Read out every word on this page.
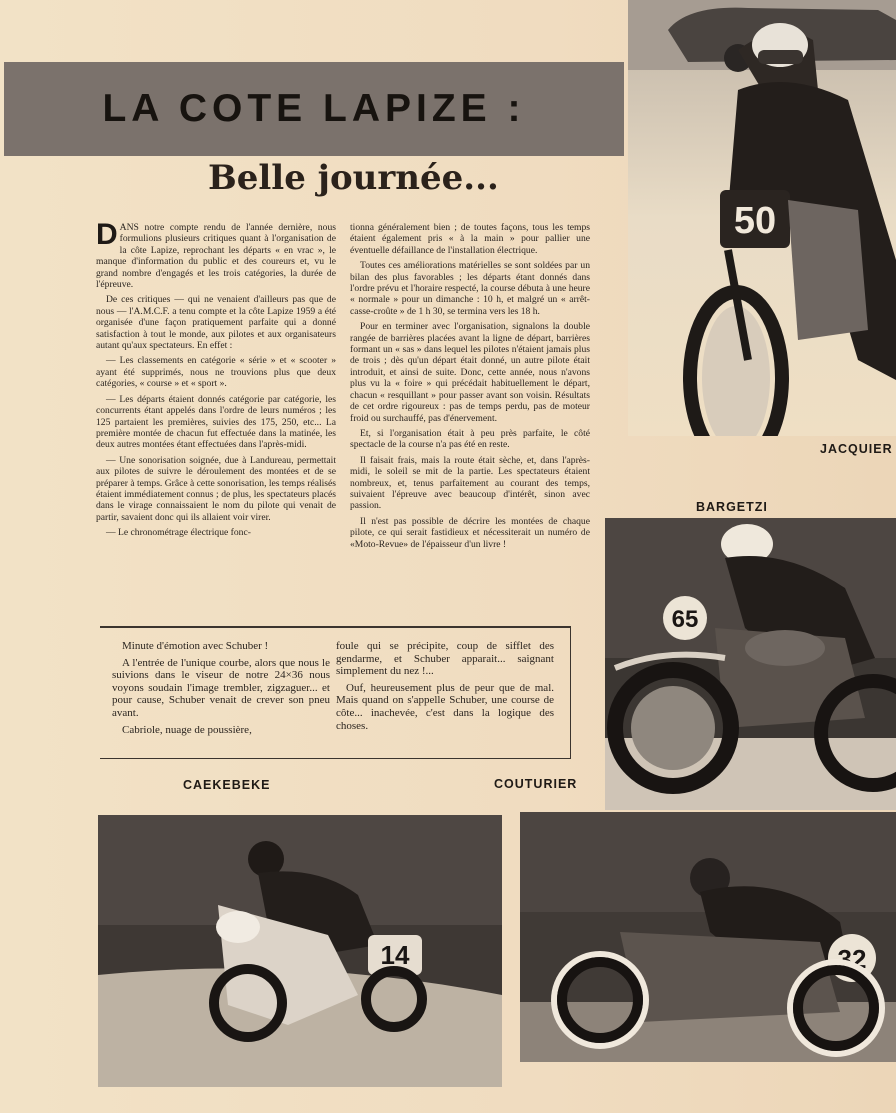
LA COTE LAPIZE :
Belle journée...

DANS notre compte rendu de l'année dernière, nous formulions plusieurs critiques quant à l'organisation de la côte Lapize, reprochant les départs « en vrac », le manque d'information du public et des coureurs et, vu le grand nombre d'engagés et les trois catégories, la durée de l'épreuve.

De ces critiques — qui ne venaient d'ailleurs pas que de nous — l'A.M.C.F. a tenu compte et la côte Lapize 1959 a été organisée d'une façon pratiquement parfaite qui a donné satisfaction à tout le monde, aux pilotes et aux organisateurs autant qu'aux spectateurs. En effet :

— Les classements en catégorie « série » et « scooter » ayant été supprimés, nous ne trouvions plus que deux catégories, « course » et « sport ».

— Les départs étaient donnés catégorie par catégorie, les concurrents étant appelés dans l'ordre de leurs numéros ; les 125 partaient les premières, suivies des 175, 250, etc... La première montée de chacun fut effectuée dans la matinée, les deux autres montées étant effectuées dans l'après-midi.

— Une sonorisation soignée, due à Landureau, permettait aux pilotes de suivre le déroulement des montées et de se préparer à temps. Grâce à cette sonorisation, les temps réalisés étaient immédiatement connus ; de plus, les spectateurs placés dans le virage connaissaient le nom du pilote qui venait de partir, savaient donc qui ils allaient voir virer.

— Le chronométrage électrique fonc-

tionna généralement bien ; de toutes façons, tous les temps étaient également pris « à la main » pour pallier une éventuelle défaillance de l'installation électrique.

Toutes ces améliorations matérielles se sont soldées par un bilan des plus favorables ; les départs étant donnés dans l'ordre prévu et l'horaire respecté, la course débuta à une heure « normale » pour un dimanche : 10 h, et malgré un « arrêt-casse-croûte » de 1 h 30, se termina vers les 18 h.

Pour en terminer avec l'organisation, signalons la double rangée de barrières placées avant la ligne de départ, barrières formant un « sas » dans lequel les pilotes n'étaient jamais plus de trois ; dès qu'un départ était donné, un autre pilote était introduit, et ainsi de suite. Donc, cette année, nous n'avons plus vu la « foire » qui précédait habituellement le départ, chacun « resquillant » pour passer avant son voisin. Résultats de cet ordre rigoureux : pas de temps perdu, pas de moteur froid ou surchauffé, pas d'énervement.

Et, si l'organisation était à peu près parfaite, le côté spectacle de la course n'a pas été en reste.

Il faisait frais, mais la route était sèche, et, dans l'après-midi, le soleil se mit de la partie. Les spectateurs étaient nombreux, et, tenus parfaitement au courant des temps, suivaient l'épreuve avec beaucoup d'intérêt, sinon avec passion.

Il n'est pas possible de décrire les montées de chaque pilote, ce qui serait fastidieux et nécessiterait un numéro de «Moto-Revue» de l'épaisseur d'un livre !

Minute d'émotion avec Schuber !

A l'entrée de l'unique courbe, alors que nous le suivions dans le viseur de notre 24×36 nous voyons soudain l'image trembler, zigzaguer... et pour cause, Schuber venait de crever son pneu avant.

Cabriole, nuage de poussière,

foule qui se précipite, coup de sifflet des gendarme, et Schuber apparait... saignant simplement du nez !...

Ouf, heureusement plus de peur que de mal. Mais quand on s'appelle Schuber, une course de côte... inachevée, c'est dans la logique des choses.

50
JACQUIER
BARGETZI
65
COUTURIER
CAEKEBEKE
14	32
